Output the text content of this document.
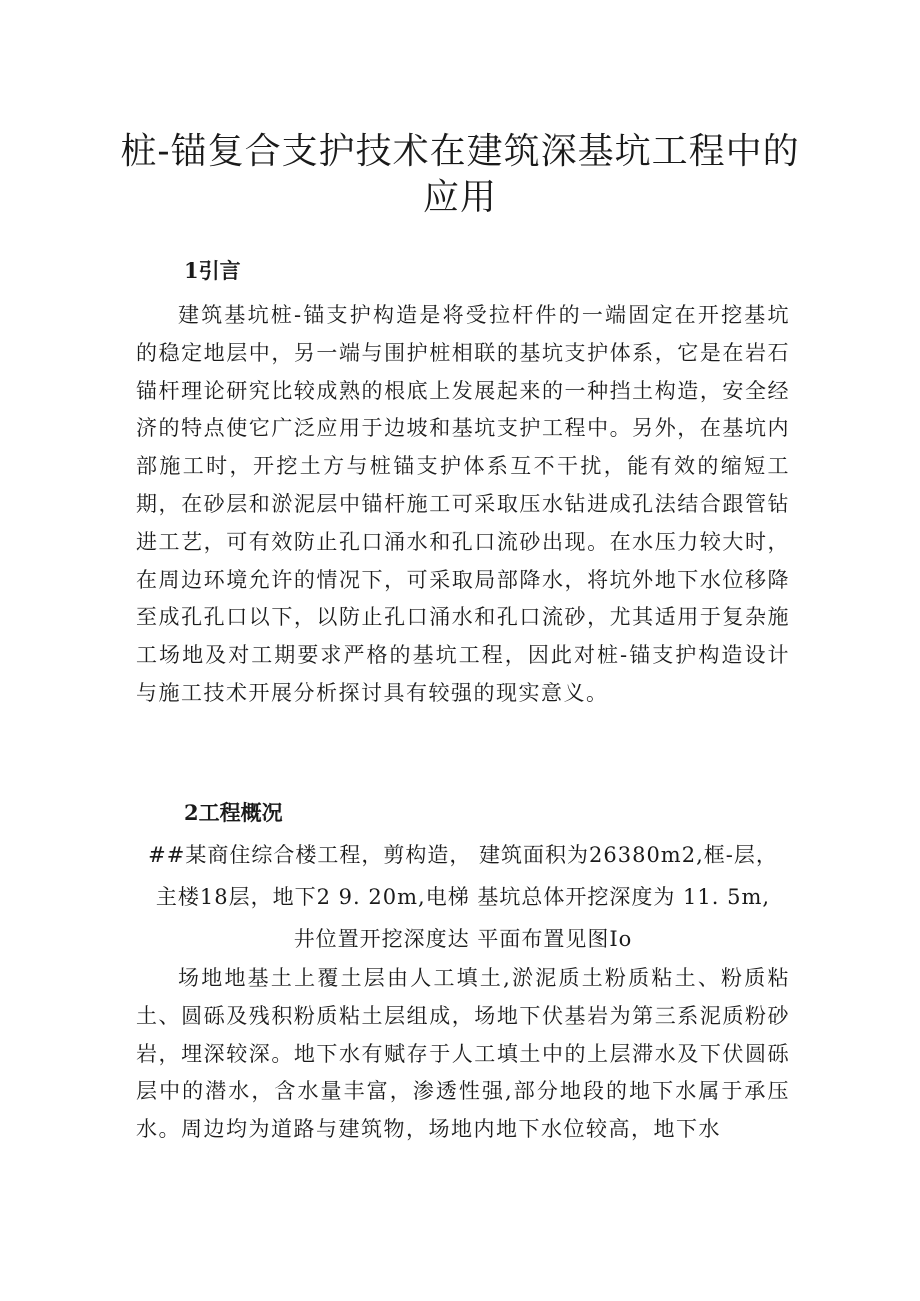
桩-锚复合支护技术在建筑深基坑工程中的
应用
1引言

建筑基坑桩-锚支护构造是将受拉杆件的一端固定在开挖基坑的稳定地层中，另一端与围护桩相联的基坑支护体系，它是在岩石锚杆理论研究比较成熟的根底上发展起来的一种挡土构造，安全经济的特点使它广泛应用于边坡和基坑支护工程中。另外，在基坑内部施工时，开挖土方与桩锚支护体系互不干扰，能有效的缩短工期，在砂层和淤泥层中锚杆施工可采取压水钻进成孔法结合跟管钻进工艺，可有效防止孔口涌水和孔口流砂出现。在水压力较大时，在周边环境允许的情况下，可采取局部降水，将坑外地下水位移降至成孔孔口以下，以防止孔口涌水和孔口流砂，尤其适用于复杂施工场地及对工期要求严格的基坑工程，因此对桩-锚支护构造设计与施工技术开展分析探讨具有较强的现实意义。

2工程概况

##某商住综合楼工程，剪构造， 建筑面积为26380m2,框-层，

主楼18层，地下2 9. 20m,电梯 基坑总体开挖深度为 11. 5m,

井位置开挖深度达 平面布置见图Io

场地地基土上覆土层由人工填土,淤泥质土粉质粘土、粉质粘土、圆砾及残积粉质粘土层组成，场地下伏基岩为第三系泥质粉砂岩，埋深较深。地下水有赋存于人工填土中的上层滞水及下伏圆砾层中的潜水，含水量丰富，渗透性强,部分地段的地下水属于承压水。周边均为道路与建筑物，场地内地下水位较高，地下水
